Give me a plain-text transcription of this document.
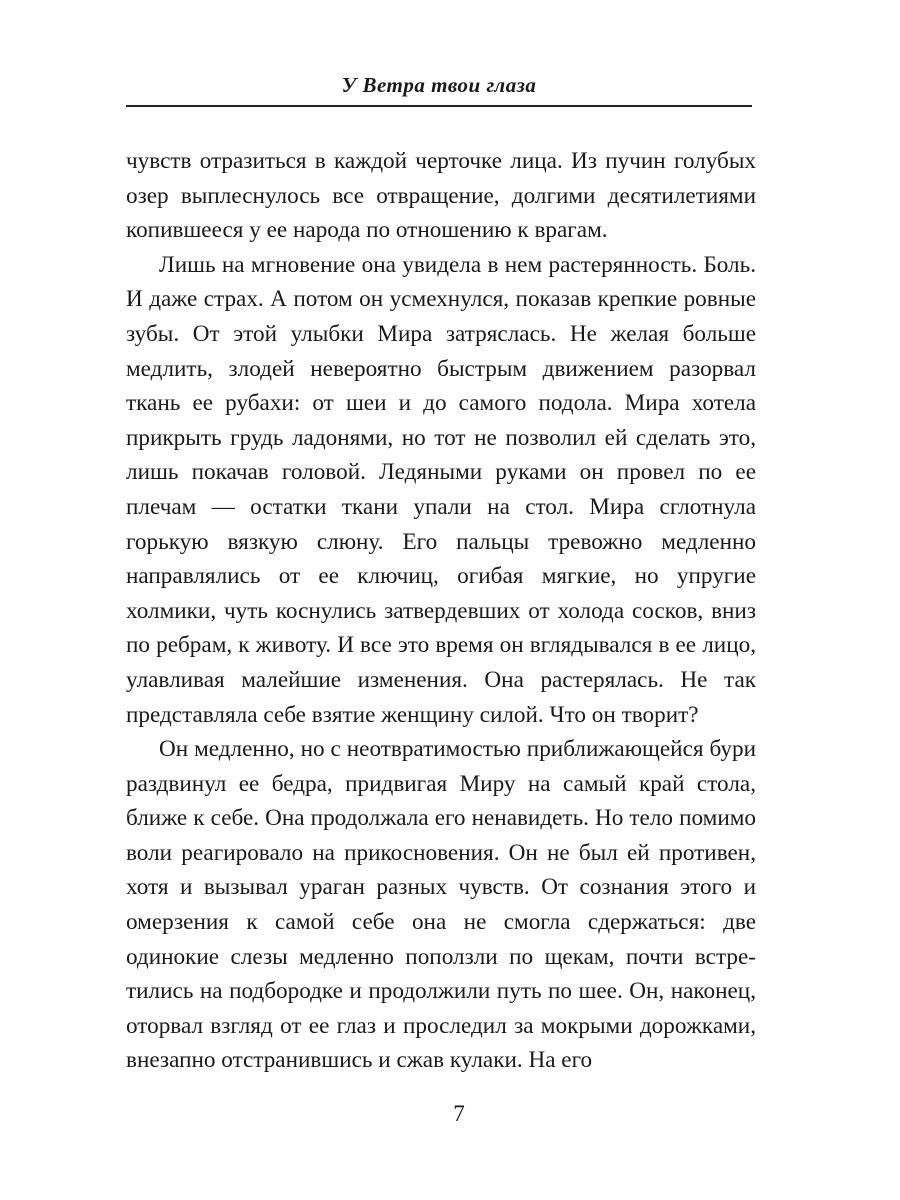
У Ветра твои глаза

чувств отразиться в каждой черточке лица. Из пучин голубых озер выплеснулось все отвращение, долгими десятилетиями копившееся у ее народа по отношению к врагам.

Лишь на мгновение она увидела в нем растерянность. Боль. И даже страх. А потом он усмехнулся, показав крепкие ровные зубы. От этой улыбки Мира затряслась. Не желая больше медлить, злодей невероятно быстрым движением разорвал ткань ее рубахи: от шеи и до самого подола. Мира хотела прикрыть грудь ладонями, но тот не позволил ей сделать это, лишь покачав головой. Ледяными руками он провел по ее плечам — остатки ткани упали на стол. Мира сглотнула горькую вязкую слюну. Его пальцы тревожно медленно направлялись от ее ключиц, огибая мягкие, но упругие холмики, чуть коснулись затвердевших от холода сосков, вниз по ребрам, к животу. И все это время он вглядывался в ее лицо, улавливая малейшие изменения. Она растерялась. Не так представляла себе взятие женщину силой. Что он творит?

Он медленно, но с неотвратимостью приближающейся бури раздвинул ее бедра, придвигая Миру на самый край стола, ближе к себе. Она продолжала его ненавидеть. Но тело помимо воли реагировало на прикосновения. Он не был ей противен, хотя и вызывал ураган разных чувств. От сознания этого и омерзения к самой себе она не смогла сдержаться: две одинокие слезы медленно поползли по щекам, почти встретились на подбородке и продолжили путь по шее. Он, наконец, оторвал взгляд от ее глаз и проследил за мокрыми дорожками, внезапно отстранившись и сжав кулаки. На его

7
